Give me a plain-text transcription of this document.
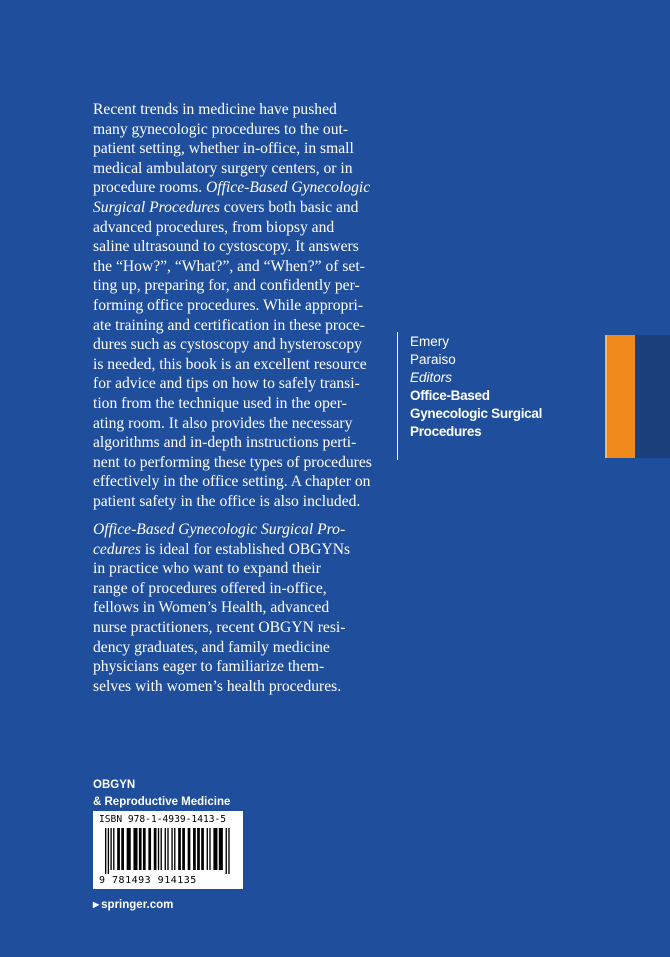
Recent trends in medicine have pushed
many gynecologic procedures to the out-
patient setting, whether in-office, in small
medical ambulatory surgery centers, or in
procedure rooms. Office-Based Gynecologic
Surgical Procedures covers both basic and
advanced procedures, from biopsy and
saline ultrasound to cystoscopy. It answers
the “How?”, “What?”, and “When?” of set-
ting up, preparing for, and confidently per-
forming office procedures. While appropri-
ate training and certification in these proce-
dures such as cystoscopy and hysteroscopy
is needed, this book is an excellent resource
for advice and tips on how to safely transi-
tion from the technique used in the oper-
ating room. It also provides the necessary
algorithms and in-depth instructions perti-
nent to performing these types of procedures
effectively in the office setting. A chapter on
patient safety in the office is also included.
Office-Based Gynecologic Surgical Pro-
cedures is ideal for established OBGYNs
in practice who want to expand their
range of procedures offered in-office,
fellows in Women’s Health, advanced
nurse practitioners, recent OBGYN resi-
dency graduates, and family medicine
physicians eager to familiarize them-
selves with women’s health procedures.
Emery
Paraiso
Editors
Office-Based
Gynecologic Surgical
Procedures
OBGYN
& Reproductive Medicine
ISBN 978-1-4939-1413-5
9 781493 914135
▶ springer.com
